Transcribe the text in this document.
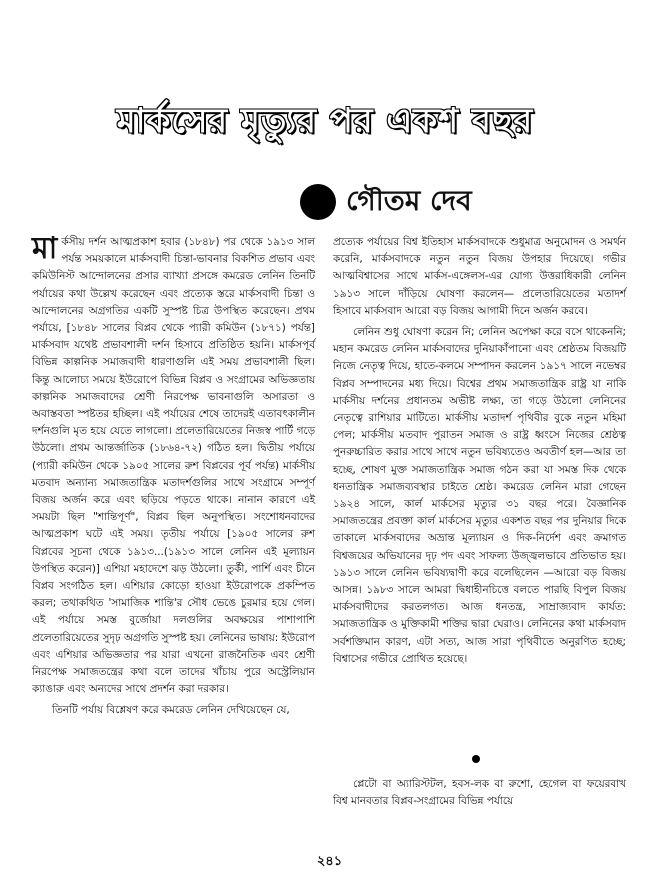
মার্কসের মৃত্যুর পর একশ বছর
গৌতম দেব

মার্কসীয় দর্শন আত্মপ্রকাশ হবার (১৮৪৮) পর থেকে ১৯১৩ সাল পর্যন্ত সময়কালে মার্কসবাদী চিন্তা-ভাবনার বিকশিত প্রভাব এবং কমিউনিস্ট আন্দোলনের প্রসার ব্যাখ্যা প্রসঙ্গে কমরেড লেনিন তিনটি পর্যায়ের কথা উল্লেখ করেছেন এবং প্রত্যেক স্তরে মার্কসবাদী চিন্তা ও আন্দোলনের অগ্রগতির একটি সুস্পষ্ট চিত্র উপস্থিত করেছেন। প্রথম পর্যায়ে, [১৮৪৮ সালের বিপ্লব থেকে প্যারী কমিউন (১৮৭১) পর্যন্ত] মার্কসবাদ যথেষ্ট প্রভাবশালী দর্শন হিসাবে প্রতিষ্ঠিত হয়নি। মার্কসপূর্ব বিভিন্ন কাল্পনিক সমাজবাদী ধারণাগুলি এই সময় প্রভাবশালী ছিল। কিন্তু আলোচ্য সময়ে ইউরোপে বিভিন্ন বিপ্লব ও সংগ্রামের অভিজ্ঞতায় কাল্পনিক সমাজবাদের শ্রেণী নিরপেক্ষ ভাবনাগুলি অসারতা ও অবাস্তবতা স্পষ্টতর হচ্ছিল। এই পর্যায়ের শেষে তাদেরই এতাবৎকালীন দর্শনগুলি মৃত হয়ে যেতে লাগলো। প্রলেতারিয়েতের নিজস্ব পার্টি গড়ে উঠলো। প্রথম আন্তর্জাতিক (১৮৬৪-৭২) গঠিত হল। দ্বিতীয় পর্যায়ে (প্যারী কমিউন থেকে ১৯০৫ সালের রুশ বিপ্লবের পূর্ব পর্যন্ত) মার্কসীয় মতবাদ অন্যান্য সমাজতান্ত্রিক মতাদর্শগুলির সাথে সংগ্রামে সম্পূর্ণ বিজয় অর্জন করে এবং ছড়িয়ে পড়তে থাকে। নানান কারণে এই সময়টা ছিল "শান্তিপূর্ণ", বিপ্লব ছিল অনুপস্থিত। সংশোধনবাদের আত্মপ্রকাশ ঘটে এই সময়। তৃতীয় পর্যায়ে [১৯০৫ সালের রুশ বিপ্লবের সূচনা থেকে ১৯১৩...(১৯১৩ সালে লেনিন এই মূল্যায়ন উপস্থিত করেন)] এশিয়া মহাদেশে ঝড় উঠলো। তুর্কী, পার্শি এবং চীনে বিপ্লব সংগঠিত হল। এশিয়ার কোড়ো হাওয়া ইউরোপকে প্রকম্পিত করল; তথাকথিত 'সামাজিক শান্তি'র সৌধ ভেঙে চুরমার হয়ে গেল। এই পর্যায়ে সমস্ত বুর্জোয়া দলগুলির অবক্ষয়ের পাশাপাশি প্রলেতারিয়েতের সুদৃঢ় অগ্রগতি সুস্পষ্ট হয়। লেনিনের ভাষায়: ইউরোপ এবং এশিয়ার অভিজ্ঞতার পর যারা এখনো রাজনৈতিক এবং শ্রেণী নিরপেক্ষ সমাজতন্ত্রের কথা বলে তাদের খাঁচায় পুরে অস্ট্রেলিয়ান ক্যাঙারু এবং অন্যদের সাথে প্রদর্শন করা দরকার।

তিনটি পর্যায় বিশ্লেষণ করে কমরেড লেনিন দেখিয়েছেন যে,

প্রত্যেক পর্যায়ের বিশ্ব ইতিহাস মার্কসবাদকে শুধুমাত্র অনুমোদন ও সমর্থন করেনি, মার্কসবাদকে নতুন নতুন বিজয় উপহার দিয়েছে। গভীর আত্মবিশ্বাসের সাথে মার্কস-এঙ্গেলস-এর যোগ্য উত্তরাধিকারী লেনিন ১৯১৩ সালে দাঁড়িয়ে ঘোষণা করলেন— প্রলেতারিয়েতের মতাদর্শ হিসাবে মার্কসবাদ আরো বড় বিজয় আগামী দিনে অর্জন করবে।

লেনিন শুধু ঘোষণা করেন নি; লেনিন অপেক্ষা করে বসে থাকেননি; মহান কমরেড লেনিন মার্কসবাদের দুনিয়াকাঁপানো এবং শ্রেষ্ঠতম বিজয়টি নিজে নেতৃত্ব দিয়ে, হাতে-কলমে সম্পাদন করলেন ১৯১৭ সালে নভেম্বর বিপ্লব সম্পাদনের মধ্য দিয়ে। বিশ্বের প্রথম সমাজতান্ত্রিক রাষ্ট্র যা নাকি মার্কসীয় দর্শনের প্রধানতম অভীষ্ট লক্ষ্য, তা গড়ে উঠলো লেনিনের নেতৃত্বে রাশিয়ার মাটিতে। মার্কসীয় মতাদর্শ পৃথিবীর বুকে নতুন মহিমা পেল; মার্কসীয় মতবাদ পুরাতন সমাজ ও রাষ্ট্র ধ্বংসে নিজের শ্রেষ্ঠত্ব পুনরুচ্চারিত করার সাথে সাথে নতুন ভবিষ্যতেও অবতীর্ণ হল—আর তা হচ্ছে, শোষণ মুক্ত সমাজতান্ত্রিক সমাজ গঠন করা যা সমস্ত দিক থেকে ধনতান্ত্রিক সমাজব্যবস্থার চাইতে শ্রেষ্ঠ। কমরেড লেনিন মারা গেছেন ১৯২৪ সালে, কার্ল মার্কসের মৃত্যুর ৩১ বছর পরে। বৈজ্ঞানিক সমাজতন্ত্রের প্রবক্তা কার্ল মার্কসের মৃত্যুর একশত বছর পর দুনিয়ার দিকে তাকালে মার্কসবাদের অভ্রান্ত মূল্যায়ন ও দিক-নির্দেশ এবং ক্রমাগত বিশ্বজয়ের অভিযানের দৃঢ় পদ এবং সাফল্য উজ্জ্বলভাবে প্রতিভাত হয়। ১৯১৩ সালে লেনিন ভবিষ্যদ্বাণী করে বলেছিলেন —আরো বড় বিজয় আসন্ন। ১৯৮৩ সালে আমরা দ্বিধাহীনচিত্তে বলতে পারছি বিপুল বিজয় মার্কসবাদীদের করতলগত। আজ ধনতন্ত্র, সাম্রাজ্যবাদ কার্যত: সমাজতান্ত্রিক ও মুক্তিকামী শক্তির দ্বারা ঘেরাও। লেনিনের কথা মার্কসবাদ সর্বশক্তিমান কারণ, এটা সত্য, আজ সারা পৃথিবীতে অনুরণিত হচ্ছে; বিশ্বাসের গভীরে প্রোথিত হয়েছে।

প্লেটো বা অ্যারিস্টটল, হবস-লক বা রুশো, হেগেল বা ফয়েরবাখ বিশ্ব মানবতার বিপ্লব-সংগ্রামের বিভিন্ন পর্যায়ে

২৪১
